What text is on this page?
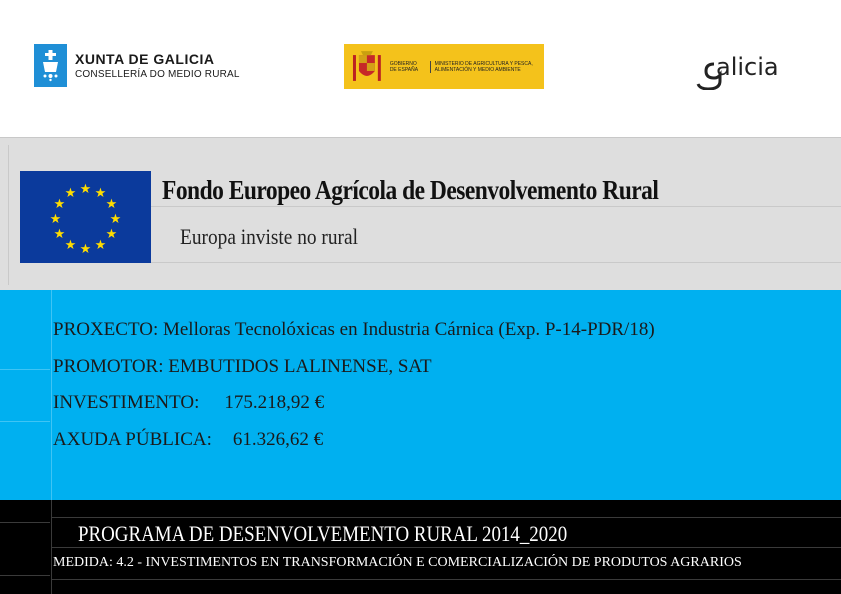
XUNTA DE GALICIA
CONSELLERÍA DO MEDIO RURAL
GOBIERNO DE ESPAÑA
MINISTERIO DE AGRICULTURA Y PESCA, ALIMENTACIÓN Y MEDIO AMBIENTE	alicia
★ ★
★
★
★
★
★
★
★
★
★
★	Fondo Europeo Agrícola de Desenvolvemento Rural
Europa inviste no rural
PROXECTO: Melloras Tecnolóxicas en Industria Cárnica (Exp. P-14-PDR/18)
PROMOTOR: EMBUTIDOS LALINENSE, SAT
INVESTIMENTO: 175.218,92 €
AXUDA PÚBLICA: 61.326,62 €
PROGRAMA DE DESENVOLVEMENTO RURAL 2014_2020
MEDIDA: 4.2 - INVESTIMENTOS EN TRANSFORMACIÓN E COMERCIALIZACIÓN DE PRODUTOS AGRARIOS
